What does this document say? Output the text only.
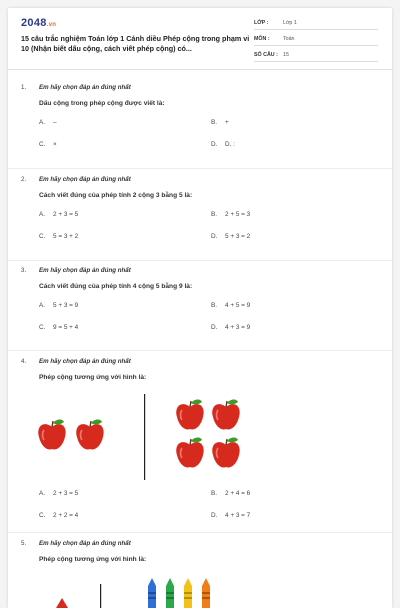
2048.vn
15 câu trắc nghiệm Toán lớp 1 Cánh diều Phép cộng trong phạm vi 10 (Nhận biết dấu cộng, cách viết phép cộng) có...
LỚP :	Lớp 1
MÔN :	Toán
SỐ CÂU : 15
1.	Em hãy chọn đáp án đúng nhất
Dấu cộng trong phép cộng được viết là:
A.	–	B.	+
C.	×	D.	D. :
2.	Em hãy chọn đáp án đúng nhất
Cách viết đúng của phép tính 2 cộng 3 bằng 5 là:
A.	2 + 3 = 5	B.	2 + 5 = 3
C.	5 = 3 + 2	D.	5 + 3 = 2
3.	Em hãy chọn đáp án đúng nhất
Cách viết đúng của phép tính 4 cộng 5 bằng 9 là:
A.	5 + 3 = 9	B.	4 + 5 = 9
C.	9 = 5 + 4	D.	4 + 3 = 9
4.	Em hãy chọn đáp án đúng nhất
Phép cộng tương ứng với hình là:
A.	2 + 3 = 5	B.	2 + 4 = 6
C.	2 + 2 = 4	D.	4 + 3 = 7
5.	Em hãy chọn đáp án đúng nhất
Phép cộng tương ứng với hình là:
